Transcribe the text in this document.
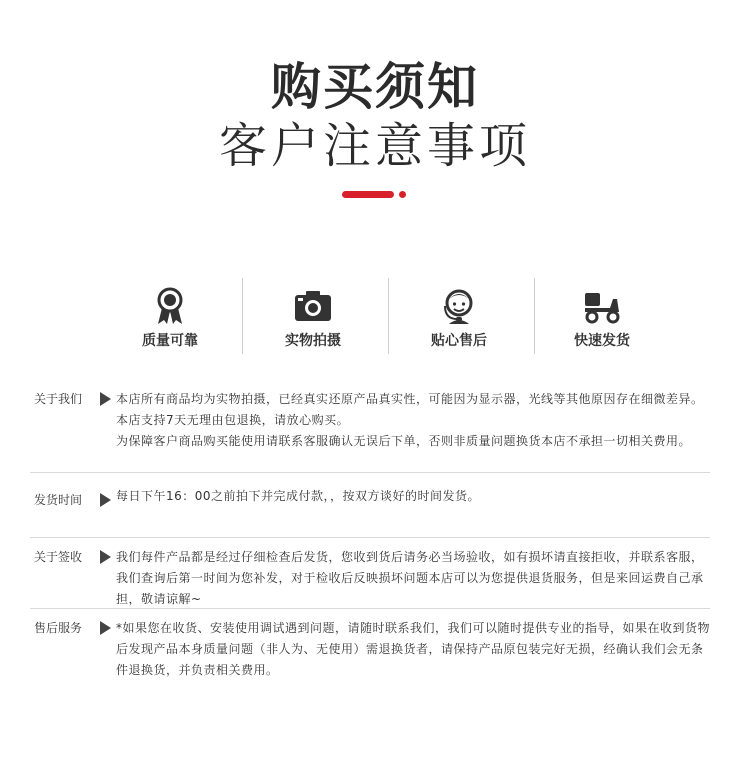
购买须知
客户注意事项
质量可靠	实物拍摄	贴心售后	快速发货
关于我们	本店所有商品均为实物拍摄，已经真实还原产品真实性，可能因为显示器，光线等其他原因存在细微差异。本店支持7天无理由包退换，请放心购买。

为保障客户商品购买能使用请联系客服确认无误后下单，否则非质量问题换货本店不承担一切相关费用。

发货时间	每日下午16：00之前拍下并完成付款，，按双方谈好的时间发货。

关于签收	我们每件产品都是经过仔细检查后发货，您收到货后请务必当场验收，如有损坏请直接拒收，并联系客服，我们查询后第一时间为您补发，对于检收后反映损坏问题本店可以为您提供退货服务，但是来回运费自己承担，敬请谅解~

售后服务	*如果您在收货、安装使用调试遇到问题，请随时联系我们，我们可以随时提供专业的指导，如果在收到货物后发现产品本身质量问题（非人为、无使用）需退换货者，请保持产品原包装完好无损，经确认我们会无条件退换货，并负责相关费用。
